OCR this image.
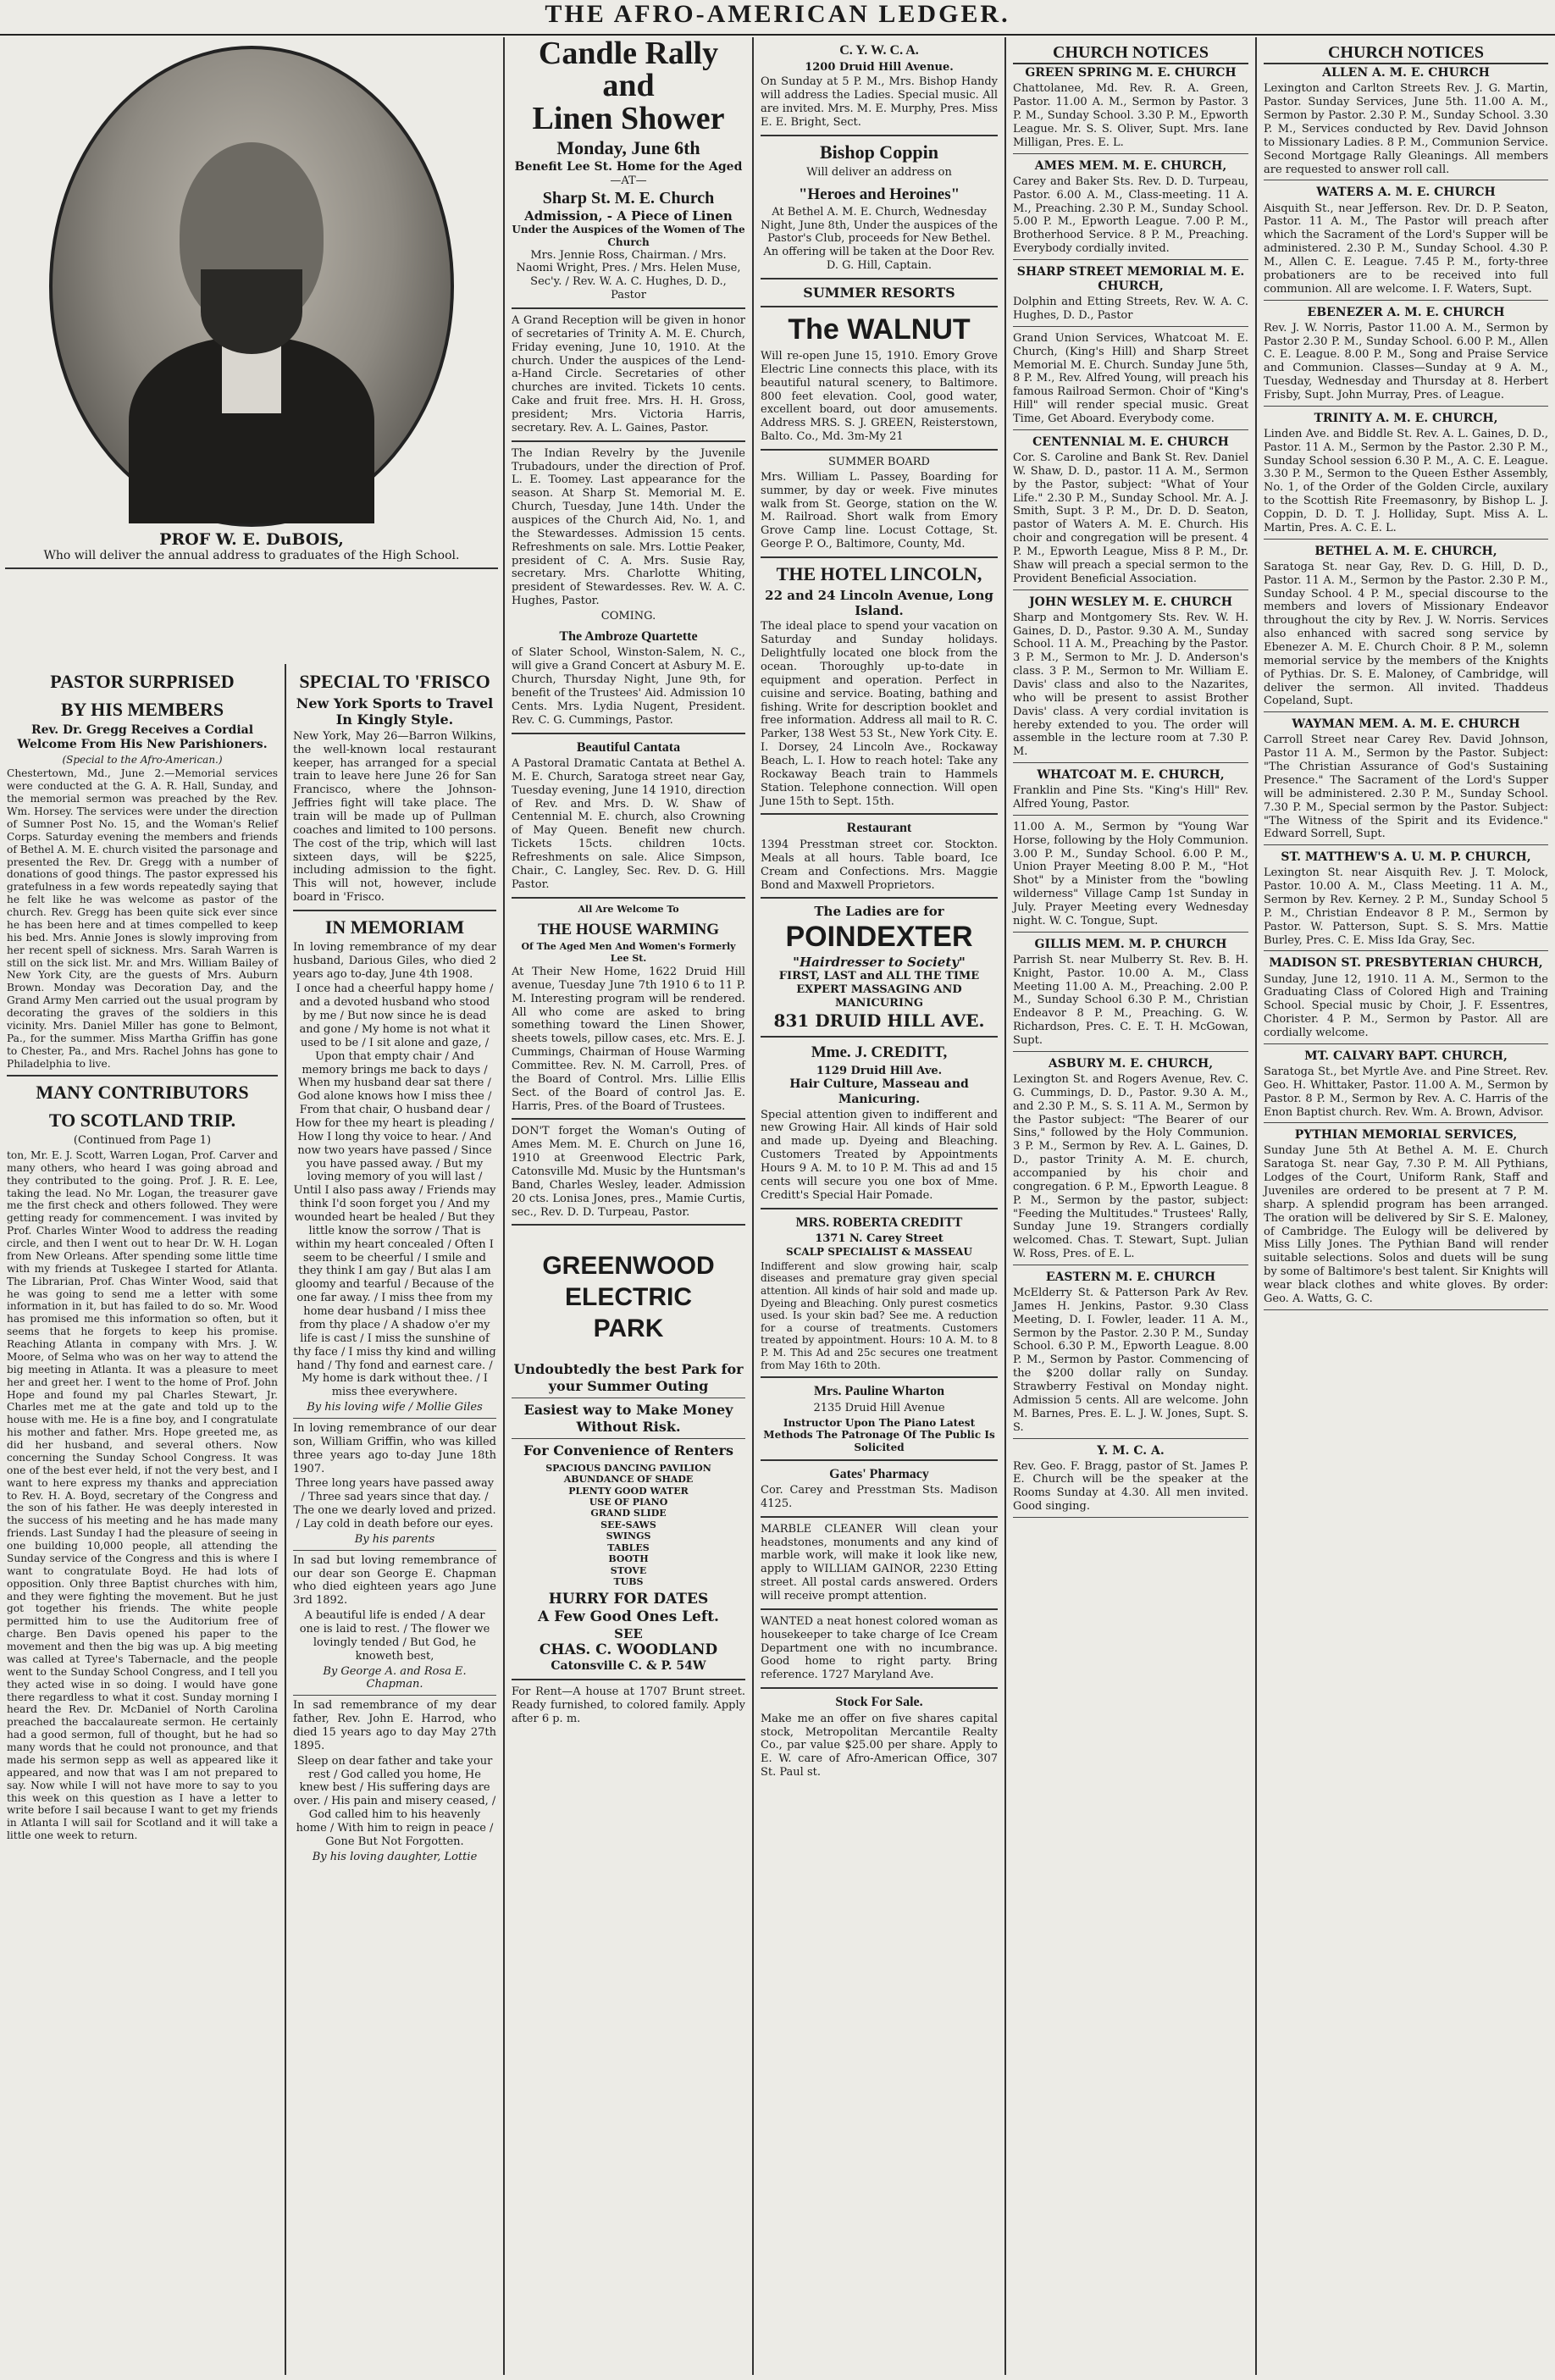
THE AFRO-AMERICAN LEDGER.
PROF W. E. DuBOIS,
Who will deliver the annual address to graduates of the High School.
PASTOR SURPRISED
BY HIS MEMBERS
Rev. Dr. Gregg Receives a Cordial Welcome From His New Parishioners.
(Special to the Afro-American.)

Chestertown, Md., June 2.—Memorial services were conducted at the G. A. R. Hall, Sunday, and the memorial sermon was preached by the Rev. Wm. Horsey. The services were under the direction of Sumner Post No. 15, and the Woman's Relief Corps. Saturday evening the members and friends of Bethel A. M. E. church visited the parsonage and presented the Rev. Dr. Gregg with a number of donations of good things. The pastor expressed his gratefulness in a few words repeatedly saying that he felt like he was welcome as pastor of the church. Rev. Gregg has been quite sick ever since he has been here and at times compelled to keep his bed. Mrs. Annie Jones is slowly improving from her recent spell of sickness. Mrs. Sarah Warren is still on the sick list. Mr. and Mrs. William Bailey of New York City, are the guests of Mrs. Auburn Brown. Monday was Decoration Day, and the Grand Army Men carried out the usual program by decorating the graves of the soldiers in this vicinity. Mrs. Daniel Miller has gone to Belmont, Pa., for the summer. Miss Martha Griffin has gone to Chester, Pa., and Mrs. Rachel Johns has gone to Philadelphia to live.

MANY CONTRIBUTORS
TO SCOTLAND TRIP.
(Continued from Page 1)

ton, Mr. E. J. Scott, Warren Logan, Prof. Carver and many others, who heard I was going abroad and they contributed to the going. Prof. J. R. E. Lee, taking the lead. No Mr. Logan, the treasurer gave me the first check and others followed. They were getting ready for commencement. I was invited by Prof. Charles Winter Wood to address the reading circle, and then I went out to hear Dr. W. H. Logan from New Orleans. After spending some little time with my friends at Tuskegee I started for Atlanta. The Librarian, Prof. Chas Winter Wood, said that he was going to send me a letter with some information in it, but has failed to do so. Mr. Wood has promised me this information so often, but it seems that he forgets to keep his promise. Reaching Atlanta in company with Mrs. J. W. Moore, of Selma who was on her way to attend the big meeting in Atlanta. It was a pleasure to meet her and greet her. I went to the home of Prof. John Hope and found my pal Charles Stewart, Jr. Charles met me at the gate and told up to the house with me. He is a fine boy, and I congratulate his mother and father. Mrs. Hope greeted me, as did her husband, and several others. Now concerning the Sunday School Congress. It was one of the best ever held, if not the very best, and I want to here express my thanks and appreciation to Rev. H. A. Boyd, secretary of the Congress and the son of his father. He was deeply interested in the success of his meeting and he has made many friends. Last Sunday I had the pleasure of seeing in one building 10,000 people, all attending the Sunday service of the Congress and this is where I want to congratulate Boyd. He had lots of opposition. Only three Baptist churches with him, and they were fighting the movement. But he just got together his friends. The white people permitted him to use the Auditorium free of charge. Ben Davis opened his paper to the movement and then the big was up. A big meeting was called at Tyree's Tabernacle, and the people went to the Sunday School Congress, and I tell you they acted wise in so doing. I would have gone there regardless to what it cost. Sunday morning I heard the Rev. Dr. McDaniel of North Carolina preached the baccalaureate sermon. He certainly had a good sermon, full of thought, but he had so many words that he could not pronounce, and that made his sermon sepp as well as appeared like it appeared, and now that was I am not prepared to say. Now while I will not have more to say to you this week on this question as I have a letter to write before I sail because I want to get my friends in Atlanta I will sail for Scotland and it will take a little one week to return.

SPECIAL TO 'FRISCO
New York Sports to Travel In Kingly Style.

New York, May 26—Barron Wilkins, the well-known local restaurant keeper, has arranged for a special train to leave here June 26 for San Francisco, where the Johnson-Jeffries fight will take place. The train will be made up of Pullman coaches and limited to 100 persons. The cost of the trip, which will last sixteen days, will be $225, including admission to the fight. This will not, however, include board in 'Frisco.

IN MEMORIAM

In loving remembrance of my dear husband, Darious Giles, who died 2 years ago to-day, June 4th 1908.

I once had a cheerful happy home / and a devoted husband who stood by me / But now since he is dead and gone / My home is not what it used to be / I sit alone and gaze, / Upon that empty chair / And memory brings me back to days / When my husband dear sat there / God alone knows how I miss thee / From that chair, O husband dear / How for thee my heart is pleading / How I long thy voice to hear. / And now two years have passed / Since you have passed away. / But my loving memory of you will last / Until I also pass away / Friends may think I'd soon forget you / And my wounded heart be healed / But they little know the sorrow / That is within my heart concealed / Often I seem to be cheerful / I smile and they think I am gay / But alas I am gloomy and tearful / Because of the one far away. / I miss thee from my home dear husband / I miss thee from thy place / A shadow o'er my life is cast / I miss the sunshine of thy face / I miss thy kind and willing hand / Thy fond and earnest care. / My home is dark without thee. / I miss thee everywhere.

By his loving wife / Mollie Giles

In loving remembrance of our dear son, William Griffin, who was killed three years ago to-day June 18th 1907.

Three long years have passed away / Three sad years since that day. / The one we dearly loved and prized. / Lay cold in death before our eyes.

By his parents

In sad but loving remembrance of our dear son George E. Chapman who died eighteen years ago June 3rd 1892.

A beautiful life is ended / A dear one is laid to rest. / The flower we lovingly tended / But God, he knoweth best,

By George A. and Rosa E. Chapman.

In sad remembrance of my dear father, Rev. John E. Harrod, who died 15 years ago to day May 27th 1895.

Sleep on dear father and take your rest / God called you home, He knew best / His suffering days are over. / His pain and misery ceased, / God called him to his heavenly home / With him to reign in peace / Gone But Not Forgotten.

By his loving daughter, Lottie

Candle Rally and
Linen Shower
Monday, June 6th
Benefit Lee St. Home for the Aged
—AT—
Sharp St. M. E. Church
Admission, - A Piece of Linen
Under the Auspices of the Women of The Church
Mrs. Jennie Ross, Chairman. / Mrs. Naomi Wright, Pres. / Mrs. Helen Muse, Sec'y. / Rev. W. A. C. Hughes, D. D., Pastor

A Grand Reception will be given in honor of secretaries of Trinity A. M. E. Church, Friday evening, June 10, 1910. At the church. Under the auspices of the Lend-a-Hand Circle. Secretaries of other churches are invited. Tickets 10 cents. Cake and fruit free. Mrs. H. H. Gross, president; Mrs. Victoria Harris, secretary. Rev. A. L. Gaines, Pastor.

The Indian Revelry by the Juvenile Trubadours, under the direction of Prof. L. E. Toomey. Last appearance for the season. At Sharp St. Memorial M. E. Church, Tuesday, June 14th. Under the auspices of the Church Aid, No. 1, and the Stewardesses. Admission 15 cents. Refreshments on sale. Mrs. Lottie Peaker, president of C. A. Mrs. Susie Ray, secretary. Mrs. Charlotte Whiting, president of Stewardesses. Rev. W. A. C. Hughes, Pastor.

COMING.
The Ambroze Quartette

of Slater School, Winston-Salem, N. C., will give a Grand Concert at Asbury M. E. Church, Thursday Night, June 9th, for benefit of the Trustees' Aid. Admission 10 Cents. Mrs. Lydia Nugent, President. Rev. C. G. Cummings, Pastor.

Beautiful Cantata

A Pastoral Dramatic Cantata at Bethel A. M. E. Church, Saratoga street near Gay, Tuesday evening, June 14 1910, direction of Rev. and Mrs. D. W. Shaw of Centennial M. E. church, also Crowning of May Queen. Benefit new church. Tickets 15cts. children 10cts. Refreshments on sale. Alice Simpson, Chair., C. Langley, Sec. Rev. D. G. Hill Pastor.

All Are Welcome To
THE HOUSE WARMING
Of The Aged Men And Women's Formerly Lee St.

At Their New Home, 1622 Druid Hill avenue, Tuesday June 7th 1910 6 to 11 P. M. Interesting program will be rendered. All who come are asked to bring something toward the Linen Shower, sheets towels, pillow cases, etc. Mrs. E. J. Cummings, Chairman of House Warming Committee. Rev. N. M. Carroll, Pres. of the Board of Control. Mrs. Lillie Ellis Sect. of the Board of control Jas. E. Harris, Pres. of the Board of Trustees.

DON'T forget the Woman's Outing of Ames Mem. M. E. Church on June 16, 1910 at Greenwood Electric Park, Catonsville Md. Music by the Huntsman's Band, Charles Wesley, leader. Admission 20 cts. Lonisa Jones, pres., Mamie Curtis, sec., Rev. D. D. Turpeau, Pastor.

GREENWOOD
ELECTRIC
PARK
Undoubtedly the best Park for your Summer Outing
Easiest way to Make Money Without Risk.
For Convenience of Renters
SPACIOUS DANCING PAVILION
ABUNDANCE OF SHADE
PLENTY GOOD WATER
USE OF PIANO
GRAND SLIDE
SEE-SAWS
SWINGS
TABLES
BOOTH
STOVE
TUBS
HURRY FOR DATES
A Few Good Ones Left.
SEE
CHAS. C. WOODLAND
Catonsville C. & P. 54W

For Rent—A house at 1707 Brunt street. Ready furnished, to colored family. Apply after 6 p. m.

C. Y. W. C. A.
1200 Druid Hill Avenue.

On Sunday at 5 P. M., Mrs. Bishop Handy will address the Ladies. Special music. All are invited. Mrs. M. E. Murphy, Pres. Miss E. E. Bright, Sect.

Bishop Coppin
Will deliver an address on
"Heroes and Heroines"

At Bethel A. M. E. Church, Wednesday Night, June 8th, Under the auspices of the Pastor's Club, proceeds for New Bethel. An offering will be taken at the Door Rev. D. G. Hill, Captain.

SUMMER RESORTS
The WALNUT

Will re-open June 15, 1910. Emory Grove Electric Line connects this place, with its beautiful natural scenery, to Baltimore. 800 feet elevation. Cool, good water, excellent board, out door amusements. Address MRS. S. J. GREEN, Reisterstown, Balto. Co., Md. 3m-My 21

SUMMER BOARD

Mrs. William L. Passey, Boarding for summer, by day or week. Five minutes walk from St. George, station on the W. M. Railroad. Short walk from Emory Grove Camp line. Locust Cottage, St. George P. O., Baltimore, County, Md.

THE HOTEL LINCOLN,
22 and 24 Lincoln Avenue, Long Island.

The ideal place to spend your vacation on Saturday and Sunday holidays. Delightfully located one block from the ocean. Thoroughly up-to-date in equipment and operation. Perfect in cuisine and service. Boating, bathing and fishing. Write for description booklet and free information. Address all mail to R. C. Parker, 138 West 53 St., New York City. E. I. Dorsey, 24 Lincoln Ave., Rockaway Beach, L. I. How to reach hotel: Take any Rockaway Beach train to Hammels Station. Telephone connection. Will open June 15th to Sept. 15th.

Restaurant

1394 Presstman street cor. Stockton. Meals at all hours. Table board, Ice Cream and Confections. Mrs. Maggie Bond and Maxwell Proprietors.

The Ladies are for
POINDEXTER
"Hairdresser to Society"
FIRST, LAST and ALL THE TIME
EXPERT MASSAGING AND MANICURING
831 DRUID HILL AVE.
Mme. J. CREDITT,
1129 Druid Hill Ave.
Hair Culture, Masseau and Manicuring.

Special attention given to indifferent and new Growing Hair. All kinds of Hair sold and made up. Dyeing and Bleaching. Customers Treated by Appointments Hours 9 A. M. to 10 P. M. This ad and 15 cents will secure you one box of Mme. Creditt's Special Hair Pomade.

MRS. ROBERTA CREDITT
1371 N. Carey Street
SCALP SPECIALIST & MASSEAU

Indifferent and slow growing hair, scalp diseases and premature gray given special attention. All kinds of hair sold and made up. Dyeing and Bleaching. Only purest cosmetics used. Is your skin bad? See me. A reduction for a course of treatments. Customers treated by appointment. Hours: 10 A. M. to 8 P. M. This Ad and 25c secures one treatment from May 16th to 20th.

Mrs. Pauline Wharton
2135 Druid Hill Avenue

Instructor Upon The Piano Latest Methods The Patronage Of The Public Is Solicited

Gates' Pharmacy

Cor. Carey and Presstman Sts. Madison 4125.

MARBLE CLEANER Will clean your headstones, monuments and any kind of marble work, will make it look like new, apply to WILLIAM GAINOR, 2230 Etting street. All postal cards answered. Orders will receive prompt attention.

WANTED a neat honest colored woman as housekeeper to take charge of Ice Cream Department one with no incumbrance. Good home to right party. Bring reference. 1727 Maryland Ave.

Stock For Sale.

Make me an offer on five shares capital stock, Metropolitan Mercantile Realty Co., par value $25.00 per share. Apply to E. W. care of Afro-American Office, 307 St. Paul st.

CHURCH NOTICES
GREEN SPRING M. E. CHURCH

Chattolanee, Md. Rev. R. A. Green, Pastor. 11.00 A. M., Sermon by Pastor. 3 P. M., Sunday School. 3.30 P. M., Epworth League. Mr. S. S. Oliver, Supt. Mrs. Iane Milligan, Pres. E. L.

AMES MEM. M. E. CHURCH,

Carey and Baker Sts. Rev. D. D. Turpeau, Pastor. 6.00 A. M., Class-meeting. 11 A. M., Preaching. 2.30 P. M., Sunday School. 5.00 P. M., Epworth League. 7.00 P. M., Brotherhood Service. 8 P. M., Preaching. Everybody cordially invited.

SHARP STREET MEMORIAL M. E. CHURCH,

Dolphin and Etting Streets, Rev. W. A. C. Hughes, D. D., Pastor

Grand Union Services, Whatcoat M. E. Church, (King's Hill) and Sharp Street Memorial M. E. Church. Sunday June 5th, 8 P. M., Rev. Alfred Young, will preach his famous Railroad Sermon. Choir of "King's Hill" will render special music. Great Time, Get Aboard. Everybody come.

CENTENNIAL M. E. CHURCH

Cor. S. Caroline and Bank St. Rev. Daniel W. Shaw, D. D., pastor. 11 A. M., Sermon by the Pastor, subject: "What of Your Life." 2.30 P. M., Sunday School. Mr. A. J. Smith, Supt. 3 P. M., Dr. D. D. Seaton, pastor of Waters A. M. E. Church. His choir and congregation will be present. 4 P. M., Epworth League, Miss 8 P. M., Dr. Shaw will preach a special sermon to the Provident Beneficial Association.

JOHN WESLEY M. E. CHURCH

Sharp and Montgomery Sts. Rev. W. H. Gaines, D. D., Pastor. 9.30 A. M., Sunday School. 11 A. M., Preaching by the Pastor. 3 P. M., Sermon to Mr. J. D. Anderson's class. 3 P. M., Sermon to Mr. William E. Davis' class and also to the Nazarites, who will be present to assist Brother Davis' class. A very cordial invitation is hereby extended to you. The order will assemble in the lecture room at 7.30 P. M.

WHATCOAT M. E. CHURCH,

Franklin and Pine Sts. "King's Hill" Rev. Alfred Young, Pastor.

11.00 A. M., Sermon by "Young War Horse, following by the Holy Communion. 3.00 P. M., Sunday School. 6.00 P. M., Union Prayer Meeting 8.00 P. M., "Hot Shot" by a Minister from the "bowling wilderness" Village Camp 1st Sunday in July. Prayer Meeting every Wednesday night. W. C. Tongue, Supt.

GILLIS MEM. M. P. CHURCH

Parrish St. near Mulberry St. Rev. B. H. Knight, Pastor. 10.00 A. M., Class Meeting 11.00 A. M., Preaching. 2.00 P. M., Sunday School 6.30 P. M., Christian Endeavor 8 P. M., Preaching. G. W. Richardson, Pres. C. E. T. H. McGowan, Supt.

ASBURY M. E. CHURCH,

Lexington St. and Rogers Avenue, Rev. C. G. Cummings, D. D., Pastor. 9.30 A. M., and 2.30 P. M., S. S. 11 A. M., Sermon by the Pastor subject: "The Bearer of our Sins," followed by the Holy Communion. 3 P. M., Sermon by Rev. A. L. Gaines, D. D., pastor Trinity A. M. E. church, accompanied by his choir and congregation. 6 P. M., Epworth League. 8 P. M., Sermon by the pastor, subject: "Feeding the Multitudes." Trustees' Rally, Sunday June 19. Strangers cordially welcomed. Chas. T. Stewart, Supt. Julian W. Ross, Pres. of E. L.

EASTERN M. E. CHURCH

McElderry St. & Patterson Park Av Rev. James H. Jenkins, Pastor. 9.30 Class Meeting, D. I. Fowler, leader. 11 A. M., Sermon by the Pastor. 2.30 P. M., Sunday School. 6.30 P. M., Epworth League. 8.00 P. M., Sermon by Pastor. Commencing of the $200 dollar rally on Sunday. Strawberry Festival on Monday night. Admission 5 cents. All are welcome. John M. Barnes, Pres. E. L. J. W. Jones, Supt. S. S.

Y. M. C. A.

Rev. Geo. F. Bragg, pastor of St. James P. E. Church will be the speaker at the Rooms Sunday at 4.30. All men invited. Good singing.

CHURCH NOTICES
ALLEN A. M. E. CHURCH

Lexington and Carlton Streets Rev. J. G. Martin, Pastor. Sunday Services, June 5th. 11.00 A. M., Sermon by Pastor. 2.30 P. M., Sunday School. 3.30 P. M., Services conducted by Rev. David Johnson to Missionary Ladies. 8 P. M., Communion Service. Second Mortgage Rally Gleanings. All members are requested to answer roll call.

WATERS A. M. E. CHURCH

Aisquith St., near Jefferson. Rev. Dr. D. P. Seaton, Pastor. 11 A. M., The Pastor will preach after which the Sacrament of the Lord's Supper will be administered. 2.30 P. M., Sunday School. 4.30 P. M., Allen C. E. League. 7.45 P. M., forty-three probationers are to be received into full communion. All are welcome. I. F. Waters, Supt.

EBENEZER A. M. E. CHURCH

Rev. J. W. Norris, Pastor 11.00 A. M., Sermon by Pastor 2.30 P. M., Sunday School. 6.00 P. M., Allen C. E. League. 8.00 P. M., Song and Praise Service and Communion. Classes—Sunday at 9 A. M., Tuesday, Wednesday and Thursday at 8. Herbert Frisby, Supt. John Murray, Pres. of League.

TRINITY A. M. E. CHURCH,

Linden Ave. and Biddle St. Rev. A. L. Gaines, D. D., Pastor. 11 A. M., Sermon by the Pastor. 2.30 P. M., Sunday School session 6.30 P. M., A. C. E. League. 3.30 P. M., Sermon to the Queen Esther Assembly, No. 1, of the Order of the Golden Circle, auxilary to the Scottish Rite Freemasonry, by Bishop L. J. Coppin, D. D. T. J. Holliday, Supt. Miss A. L. Martin, Pres. A. C. E. L.

BETHEL A. M. E. CHURCH,

Saratoga St. near Gay, Rev. D. G. Hill, D. D., Pastor. 11 A. M., Sermon by the Pastor. 2.30 P. M., Sunday School. 4 P. M., special discourse to the members and lovers of Missionary Endeavor throughout the city by Rev. J. W. Norris. Services also enhanced with sacred song service by Ebenezer A. M. E. Church Choir. 8 P. M., solemn memorial service by the members of the Knights of Pythias. Dr. S. E. Maloney, of Cambridge, will deliver the sermon. All invited. Thaddeus Copeland, Supt.

WAYMAN MEM. A. M. E. CHURCH

Carroll Street near Carey Rev. David Johnson, Pastor 11 A. M., Sermon by the Pastor. Subject: "The Christian Assurance of God's Sustaining Presence." The Sacrament of the Lord's Supper will be administered. 2.30 P. M., Sunday School. 7.30 P. M., Special sermon by the Pastor. Subject: "The Witness of the Spirit and its Evidence." Edward Sorrell, Supt.

ST. MATTHEW'S A. U. M. P. CHURCH,

Lexington St. near Aisquith Rev. J. T. Molock, Pastor. 10.00 A. M., Class Meeting. 11 A. M., Sermon by Rev. Kerney. 2 P. M., Sunday School 5 P. M., Christian Endeavor 8 P. M., Sermon by Pastor. W. Patterson, Supt. S. S. Mrs. Mattie Burley, Pres. C. E. Miss Ida Gray, Sec.

MADISON ST. PRESBYTERIAN CHURCH,

Sunday, June 12, 1910. 11 A. M., Sermon to the Graduating Class of Colored High and Training School. Special music by Choir, J. F. Essentres, Chorister. 4 P. M., Sermon by Pastor. All are cordially welcome.

MT. CALVARY BAPT. CHURCH,

Saratoga St., bet Myrtle Ave. and Pine Street. Rev. Geo. H. Whittaker, Pastor. 11.00 A. M., Sermon by Pastor. 8 P. M., Sermon by Rev. A. C. Harris of the Enon Baptist church. Rev. Wm. A. Brown, Advisor.

PYTHIAN MEMORIAL SERVICES,

Sunday June 5th At Bethel A. M. E. Church Saratoga St. near Gay, 7.30 P. M. All Pythians, Lodges of the Court, Uniform Rank, Staff and Juveniles are ordered to be present at 7 P. M. sharp. A splendid program has been arranged. The oration will be delivered by Sir S. E. Maloney, of Cambridge. The Eulogy will be delivered by Miss Lilly Jones. The Pythian Band will render suitable selections. Solos and duets will be sung by some of Baltimore's best talent. Sir Knights will wear black clothes and white gloves. By order: Geo. A. Watts, G. C.
